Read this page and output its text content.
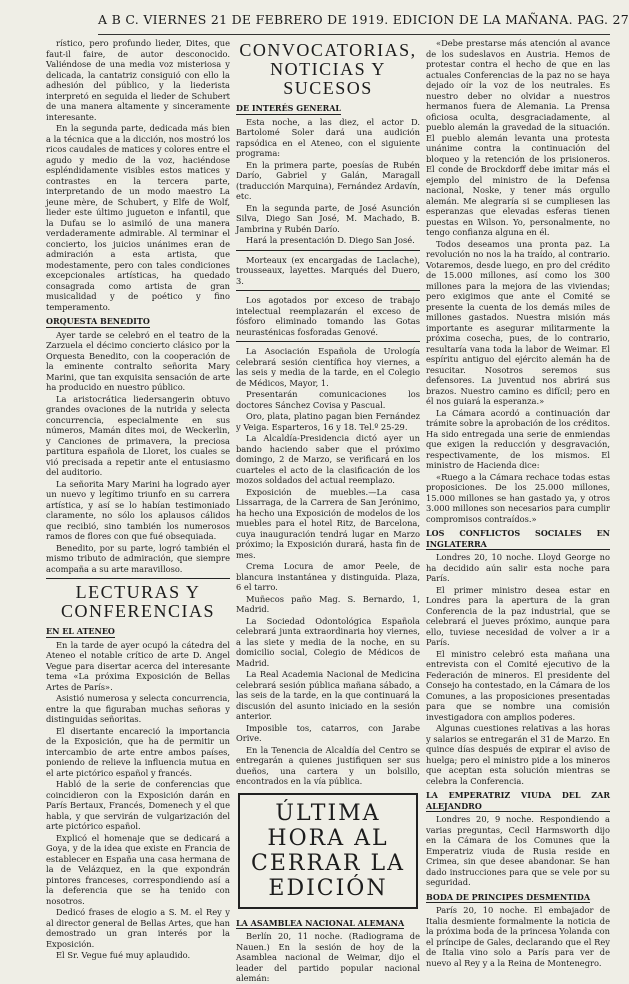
A B C. VIERNES 21 DE FEBRERO DE 1919. EDICION DE LA MAÑANA. PAG. 27

rístico, pero profundo lieder, Dites, que faut-il faire, de autor desconocido. Valiéndose de una media voz misteriosa y delicada, la cantatriz consiguió con ello la adhesión del público, y la liederista interpretó en seguida el lieder de Schubert de una manera altamente y sinceramente interesante.

En la segunda parte, dedicada más bien a la técnica que a la dicción, nos mostró los ricos caudales de matices y colores entre el agudo y medio de la voz, haciéndose espléndidamente visibles estos matices y contrastes en la tercera parte, interpretando de un modo maestro La jeune mère, de Schubert, y Elfe de Wolf, lieder este último jugueton e infantil, que la Dufau se lo asimiló de una manera verdaderamente admirable. Al terminar el concierto, los juicios unánimes eran de admiración a esta artista, que modestamente, pero con tales condiciones excepcionales artísticas, ha quedado consagrada como artista de gran musicalidad y de poético y fino temperamento.

ORQUESTA BENEDITO

Ayer tarde se celebró en el teatro de la Zarzuela el décimo concierto clásico por la Orquesta Benedito, con la cooperación de la eminente contralto señorita Mary Marini, que tan exquisita sensación de arte ha producido en nuestro público.

La aristocrática liedersangerin obtuvo grandes ovaciones de la nutrida y selecta concurrencia, especialmente en sus números, Mamán dites moi, de Weckerlin, y Canciones de primavera, la preciosa partitura española de Lloret, los cuales se vió precisada a repetir ante el entusiasmo del auditorio.

La señorita Mary Marini ha logrado ayer un nuevo y legítimo triunfo en su carrera artística, y así se lo habían testimoniado claramente, no sólo los aplausos cálidos que recibió, sino también los numerosos ramos de flores con que fué obsequiada.

Benedito, por su parte, logró también el mismo tributo de admiración, que siempre acompaña a su arte maravilloso.

LECTURAS Y CONFERENCIAS
EN EL ATENEO

En la tarde de ayer ocupó la cátedra del Ateneo el notable crítico de arte D. Angel Vegue para disertar acerca del interesante tema «La próxima Exposición de Bellas Artes de París».

Asistió numerosa y selecta concurrencia, entre la que figuraban muchas señoras y distinguidas señoritas.

El disertante encareció la importancia de la Exposición, que ha de permitir un intercambio de arte entre ambos países, poniendo de relieve la influencia mutua en el arte pictórico español y francés.

Habló de la serie de conferencias que coincidieron con la Exposición darán en París Bertaux, Francés, Domenech y el que habla, y que servirán de vulgarización del arte pictórico español.

Explicó el homenaje que se dedicará a Goya, y de la idea que existe en Francia de establecer en España una casa hermana de la de Velázquez, en la que expondrán pintores franceses, correspondiendo así a la deferencia que se ha tenido con nosotros.

Dedicó frases de elogio a S. M. el Rey y al director general de Bellas Artes, que han demostrado un gran interés por la Exposición.

El Sr. Vegue fué muy aplaudido.

CONVOCATORIAS, NOTICIAS Y SUCESOS
DE INTERÉS GENERAL

Esta noche, a las diez, el actor D. Bartolomé Soler dará una audición rapsódica en el Ateneo, con el siguiente programa:

En la primera parte, poesías de Rubén Darío, Gabriel y Galán, Maragall (traducción Marquina), Fernández Ardavín, etc.

En la segunda parte, de José Asunción Silva, Diego San José, M. Machado, B. Jambrina y Rubén Darío.

Hará la presentación D. Diego San José.

Morteaux (ex encargadas de Laclache), trousseaux, layettes. Marqués del Duero, 3.

Los agotados por exceso de trabajo intelectual reemplazarán el exceso de fósforo eliminado tomando las Gotas neurasténicas fosforadas Genové.

La Asociación Española de Urología celebrará sesión científica hoy viernes, a las seis y media de la tarde, en el Colegio de Médicos, Mayor, 1.

Presentarán comunicaciones los doctores Sánchez Covisa y Pascual.

Oro, plata, platino pagan bien Fernández y Veiga. Esparteros, 16 y 18. Tel.º 25-29.

La Alcaldía-Presidencia dictó ayer un bando haciendo saber que el próximo domingo, 2 de Marzo, se verificará en los cuarteles el acto de la clasificación de los mozos soldados del actual reemplazo.

Exposición de muebles.—La casa Lissarraga, de la Carrera de San Jerónimo, ha hecho una Exposición de modelos de los muebles para el hotel Ritz, de Barcelona, cuya inauguración tendrá lugar en Marzo próximo; la Exposición durará, hasta fin de mes.

Crema Locura de amor Peele, de blancura instantánea y distinguida. Plaza, 6 el tarro.

Muñecos paño Mag. S. Bernardo, 1, Madrid.

La Sociedad Odontológica Española celebrará junta extraordinaria hoy viernes, a las siete y media de la noche, en su domicilio social, Colegio de Médicos de Madrid.

La Real Academia Nacional de Medicina celebrará sesión pública mañana sábado, a las seis de la tarde, en la que continuará la discusión del asunto iniciado en la sesión anterior.

Imposible tos, catarros, con Jarabe Orive.

En la Tenencia de Alcaldía del Centro se entregarán a quienes justifiquen ser sus dueños, una cartera y un bolsillo, encontrados en la vía pública.

ÚLTIMA HORA AL CERRAR LA EDICIÓN
LA ASAMBLEA NACIONAL ALEMANA

Berlín 20, 11 noche. (Radiograma de Nauen.) En la sesión de hoy de la Asamblea nacional de Weimar, dijo el leader del partido popular nacional alemán:

«Debe prestarse más atención al avance de los sudeslavos en Austria. Hemos de protestar contra el hecho de que en las actuales Conferencias de la paz no se haya dejado oír la voz de los neutrales. Es nuestro deber no olvidar a nuestros hermanos fuera de Alemania. La Prensa oficiosa oculta, desgraciadamente, al pueblo alemán la gravedad de la situación. El pueblo alemán levanta una protesta unánime contra la continuación del bloqueo y la retención de los prisioneros. El conde de Brockdorff debe imitar más el ejemplo del ministro de la Defensa nacional, Noske, y tener más orgullo alemán. Me alegraría si se cumpliesen las esperanzas que elevadas esferas tienen puestas en Wilson. Yo, personalmente, no tengo confianza alguna en él.

Todos deseamos una pronta paz. La revolución no nos la ha traído, al contrario. Votaremos, desde luego, en pro del crédito de 15.000 millones, así como los 300 millones para la mejora de las viviendas; pero exigimos que ante el Comité se presente la cuenta de los demás miles de millones gastados. Nuestra misión más importante es asegurar militarmente la próxima cosecha, pues, de lo contrario, resultaría vana toda la labor de Weimar. El espíritu antiguo del ejército alemán ha de resucitar. Nosotros seremos sus defensores. La juventud nos abrirá sus brazos. Nuestro camino es difícil; pero en él nos guiará la esperanza.»

La Cámara acordó a continuación dar trámite sobre la aprobación de los créditos. Ha sido entregada una serie de enmiendas que exigen la reducción y desgravación, respectivamente, de los mismos. El ministro de Hacienda dice:

«Ruego a la Cámara rechace todas estas proposiciones. De los 25.000 millones, 15.000 millones se han gastado ya, y otros 3.000 millones son necesarios para cumplir compromisos contraídos.»

LOS CONFLICTOS SOCIALES EN INGLATERRA

Londres 20, 10 noche. Lloyd George no ha decidido aún salir esta noche para París.

El primer ministro desea estar en Londres para la apertura de la gran Conferencia de la paz industrial, que se celebrará el jueves próximo, aunque para ello, tuviese necesidad de volver a ir a París.

El ministro celebró esta mañana una entrevista con el Comité ejecutivo de la Federación de mineros. El presidente del Consejo ha contestado, en la Cámara de los Comunes, a las proposiciones presentadas para que se nombre una comisión investigadora con amplios poderes.

Algunas cuestiones relativas a las horas y salarios se entregarán el 31 de Marzo. En quince días después de expirar el aviso de huelga; pero el ministro pide a los mineros que aceptan esta solución mientras se celebra la Conferencia.

LA EMPERATRIZ VIUDA DEL ZAR ALEJANDRO

Londres 20, 9 noche. Respondiendo a varias preguntas, Cecil Harmsworth dijo en la Cámara de los Comunes que la Emperatriz viuda de Rusia reside en Crimea, sin que desee abandonar. Se han dado instrucciones para que se vele por su seguridad.

BODA DE PRINCIPES DESMENTIDA

París 20, 10 noche. El embajador de Italia desmiente formalmente la noticia de la próxima boda de la princesa Yolanda con el príncipe de Gales, declarando que el Rey de Italia vino solo a París para ver de nuevo al Rey y a la Reina de Montenegro.
